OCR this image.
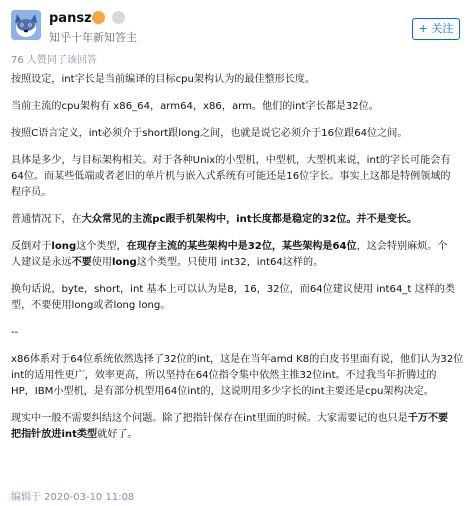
pansz

知乎十年新知答主
+ 关注
76 人赞同了该回答

按照设定，int字长是当前编译的目标cpu架构认为的最佳整形长度。

当前主流的cpu架构有 x86_64，arm64，x86，arm。他们的int字长都是32位。

按照C语言定义，int必须介于short跟long之间，也就是说它必须介于16位跟64位之间。

具体是多少，与目标架构相关。对于各种Unix的小型机，中型机，大型机来说，int的字长可能会有
64位。而某些低端或者老旧的单片机与嵌入式系统有可能还是16位字长。事实上这都是特例领域的
程序员。

普通情况下，在大众常见的主流pc跟手机架构中，int长度都是稳定的32位。并不是变长。

反倒对于long这个类型，在现存主流的某些架构中是32位，某些架构是64位，这会特别麻烦。个
人建议是永远不要使用long这个类型。只使用 int32，int64这样的。

换句话说，byte，short，int 基本上可以认为是8，16，32位，而64位建议使用 int64_t 这样的类
型，不要使用long或者long long。

--

x86体系对于64位系统依然选择了32位的int，这是在当年amd K8的白皮书里面有说，他们认为32位
int的适用性更广，效率更高，所以坚持在64位指令集中依然主推32位int。不过我当年折腾过的
HP，IBM小型机，是有部分机型用64位int的，这说明用多少字长的int主要还是cpu架构决定。

现实中一般不需要纠结这个问题。除了把指针保存在int里面的时候。大家需要记的也只是千万不要
把指针放进int类型就好了。

编辑于 2020-03-10 11:08
